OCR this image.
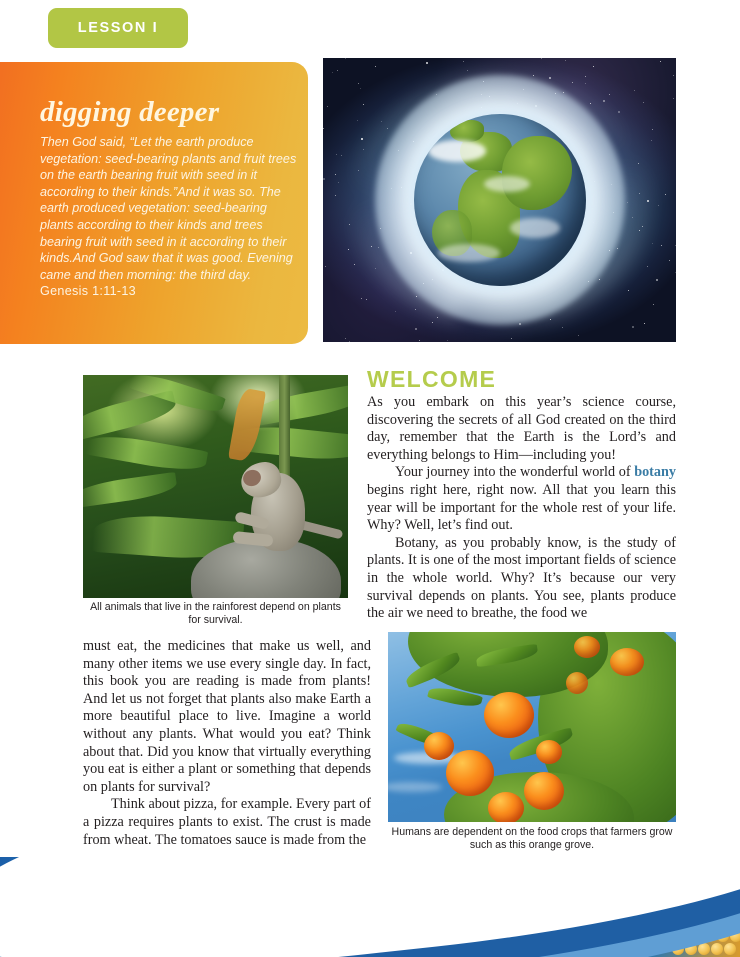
LESSON I
digging deeper
Then God said, “Let the earth produce vegetation: seed-bearing plants and fruit trees on the earth bearing fruit with seed in it according to their kinds.”And it was so. The earth produced vegetation: seed-bearing plants according to their kinds and trees bearing fruit with seed in it according to their kinds.And God saw that it was good. Evening came and then morning: the third day. Genesis 1:11-13
All animals that live in the rainforest depend on plants for survival.
WELCOME

As you embark on this year’s science course, discovering the secrets of all God created on the third day, remember that the Earth is the Lord’s and everything belongs to Him—including you!

Your journey into the wonderful world of botany begins right here, right now. All that you learn this year will be important for the whole rest of your life. Why? Well, let’s find out.

Botany, as you probably know, is the study of plants. It is one of the most important fields of science in the whole world. Why? It’s because our very survival depends on plants. You see, plants produce the air we need to breathe, the food we

must eat, the medicines that make us well, and many other items we use every single day. In fact, this book you are reading is made from plants! And let us not forget that plants also make Earth a more beautiful place to live. Imagine a world without any plants. What would you eat? Think about that. Did you know that virtually everything you eat is either a plant or something that depends on plants for survival?

Think about pizza, for example. Every part of a pizza requires plants to exist. The crust is made from wheat. The tomatoes sauce is made from the	Humans are dependent on the food crops that farmers grow such as this orange grove.
